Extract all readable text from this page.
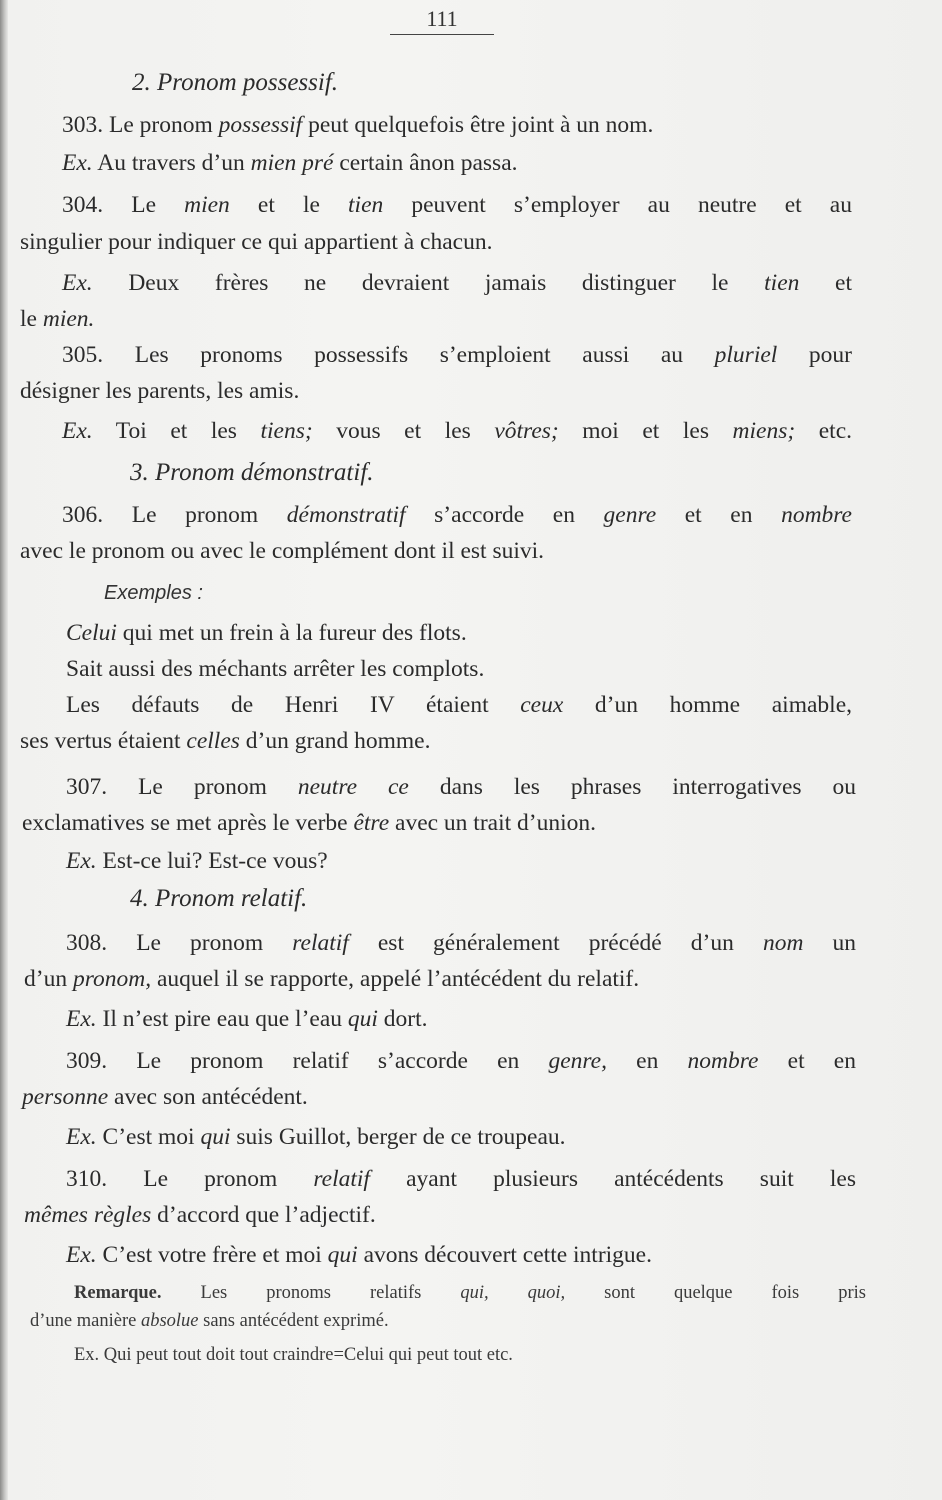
111
2. Pronom possessif.
303. Le pronom possessif peut quelquefois être joint à un nom.
Ex. Au travers d’un mien pré certain ânon passa.
304. Le mien et le tien peuvent s’employer au neutre et au
singulier pour indiquer ce qui appartient à chacun.
Ex. Deux frères ne devraient jamais distinguer le tien et
le mien.
305. Les pronoms possessifs s’emploient aussi au pluriel pour
désigner les parents, les amis.
Ex. Toi et les tiens; vous et les vôtres; moi et les miens; etc.
3. Pronom démonstratif.
306. Le pronom démonstratif s’accorde en genre et en nombre
avec le pronom ou avec le complément dont il est suivi.
Exemples :
Celui qui met un frein à la fureur des flots.
Sait aussi des méchants arrêter les complots.
Les défauts de Henri IV étaient ceux d’un homme aimable,
ses vertus étaient celles d’un grand homme.
307. Le pronom neutre ce dans les phrases interrogatives ou
exclamatives se met après le verbe être avec un trait d’union.
Ex. Est-ce lui? Est-ce vous?
4. Pronom relatif.
308. Le pronom relatif est généralement précédé d’un nom un
d’un pronom, auquel il se rapporte, appelé l’antécédent du relatif.
Ex. Il n’est pire eau que l’eau qui dort.
309. Le pronom relatif s’accorde en genre, en nombre et en
personne avec son antécédent.
Ex. C’est moi qui suis Guillot, berger de ce troupeau.
310. Le pronom relatif ayant plusieurs antécédents suit les
mêmes règles d’accord que l’adjectif.
Ex. C’est votre frère et moi qui avons découvert cette intrigue.
Remarque. Les pronoms relatifs qui, quoi, sont quelque fois pris
d’une manière absolue sans antécédent exprimé.
Ex. Qui peut tout doit tout craindre=Celui qui peut tout etc.
